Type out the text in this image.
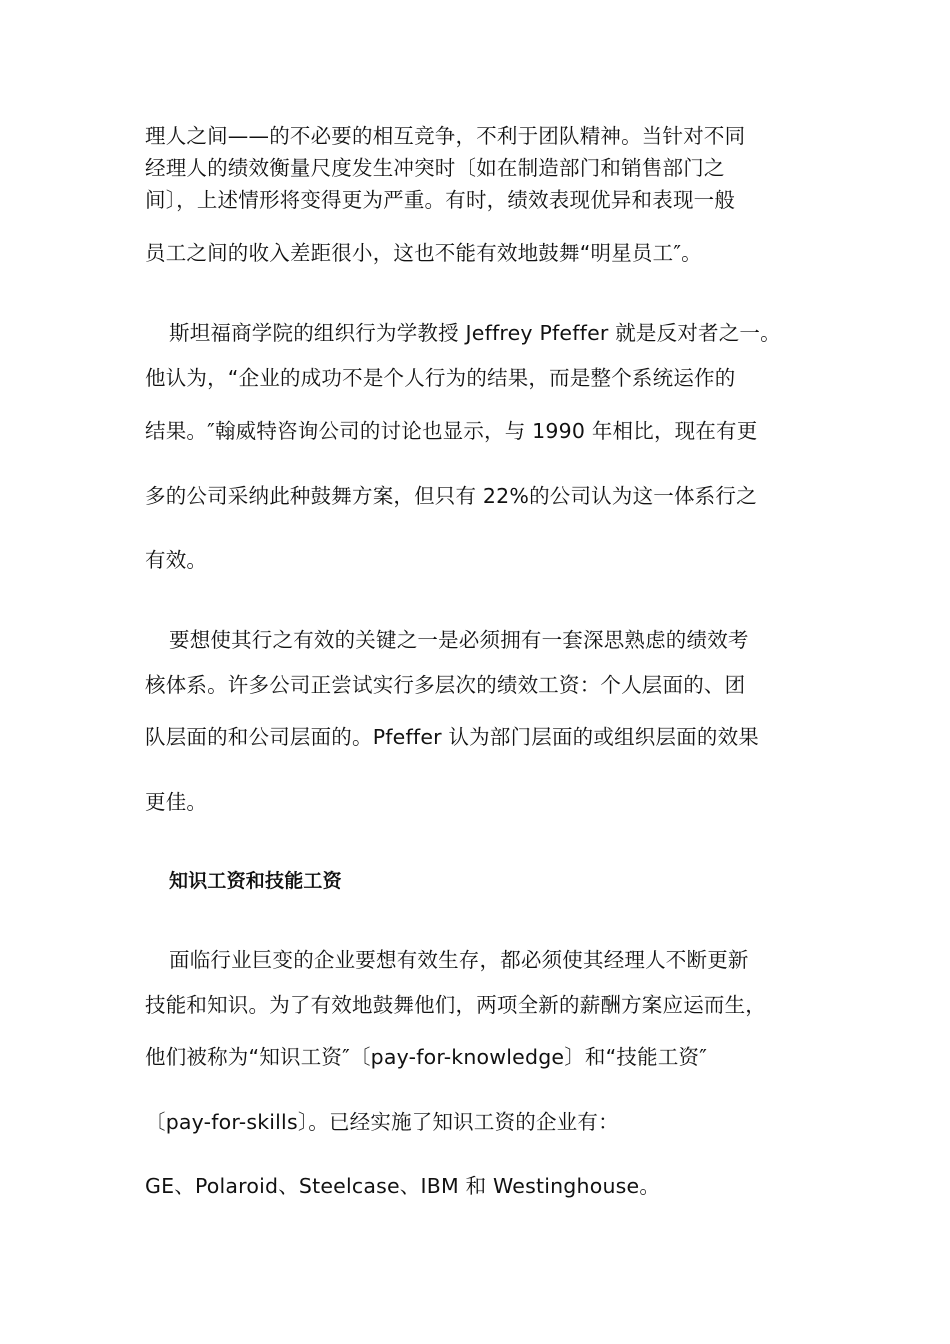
理人之间——的不必要的相互竞争，不利于团队精神。当针对不同
经理人的绩效衡量尺度发生冲突时〔如在制造部门和销售部门之
间〕，上述情形将变得更为严重。有时，绩效表现优异和表现一般
员工之间的收入差距很小，这也不能有效地鼓舞“明星员工″。
斯坦福商学院的组织行为学教授 Jeffrey Pfeffer 就是反对者之一。
他认为，“企业的成功不是个人行为的结果，而是整个系统运作的
结果。″翰威特咨询公司的讨论也显示，与 1990 年相比，现在有更
多的公司采纳此种鼓舞方案，但只有 22%的公司认为这一体系行之
有效。
要想使其行之有效的关键之一是必须拥有一套深思熟虑的绩效考
核体系。许多公司正尝试实行多层次的绩效工资：个人层面的、团
队层面的和公司层面的。Pfeffer 认为部门层面的或组织层面的效果
更佳。
知识工资和技能工资
面临行业巨变的企业要想有效生存，都必须使其经理人不断更新
技能和知识。为了有效地鼓舞他们，两项全新的薪酬方案应运而生，
他们被称为“知识工资″〔pay-for-knowledge〕和“技能工资″
〔pay-for-skills〕。已经实施了知识工资的企业有：
GE、Polaroid、Steelcase、IBM 和 Westinghouse。
